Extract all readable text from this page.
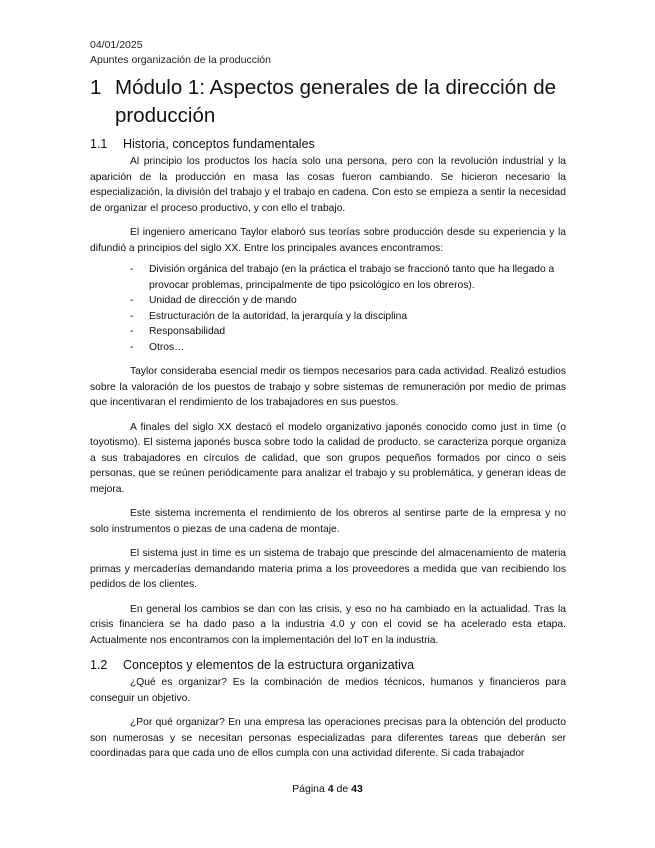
04/01/2025
Apuntes organización de la producción
1 Módulo 1: Aspectos generales de la dirección de producción
1.1 Historia, conceptos fundamentales

Al principio los productos los hacía solo una persona, pero con la revolución industrial y la aparición de la producción en masa las cosas fueron cambiando. Se hicieron necesario la especialización, la división del trabajo y el trabajo en cadena. Con esto se empieza a sentir la necesidad de organizar el proceso productivo, y con ello el trabajo.

El ingeniero americano Taylor elaboró sus teorías sobre producción desde su experiencia y la difundió a principios del siglo XX. Entre los principales avances encontramos:

- División orgánica del trabajo (en la práctica el trabajo se fraccionó tanto que ha llegado a provocar problemas, principalmente de tipo psicológico en los obreros).
- Unidad de dirección y de mando
- Estructuración de la autoridad, la jerarquía y la disciplina
- Responsabilidad
- Otros…

Taylor consideraba esencial medir os tiempos necesarios para cada actividad. Realizó estudios sobre la valoración de los puestos de trabajo y sobre sistemas de remuneración por medio de primas que incentivaran el rendimiento de los trabajadores en sus puestos.

A finales del siglo XX destacó el modelo organizativo japonés conocido como just in time (o toyotismo). El sistema japonés busca sobre todo la calidad de producto. se caracteriza porque organiza a sus trabajadores en círculos de calidad, que son grupos pequeños formados por cinco o seis personas, que se reúnen periódicamente para analizar el trabajo y su problemática, y generan ideas de mejora.

Este sistema incrementa el rendimiento de los obreros al sentirse parte de la empresa y no solo instrumentos o piezas de una cadena de montaje.

El sistema just in time es un sistema de trabajo que prescinde del almacenamiento de materia primas y mercaderías demandando materia prima a los proveedores a medida que van recibiendo los pedidos de los clientes.

En general los cambios se dan con las crisis, y eso no ha cambiado en la actualidad. Tras la crisis financiera se ha dado paso a la industria 4.0 y con el covid se ha acelerado esta etapa. Actualmente nos encontramos con la implementación del IoT en la industria.

1.2 Conceptos y elementos de la estructura organizativa

¿Qué es organizar? Es la combinación de medios técnicos, humanos y financieros para conseguir un objetivo.

¿Por qué organizar? En una empresa las operaciones precisas para la obtención del producto son numerosas y se necesitan personas especializadas para diferentes tareas que deberán ser coordinadas para que cada uno de ellos cumpla con una actividad diferente. Si cada trabajador

Página 4 de 43
